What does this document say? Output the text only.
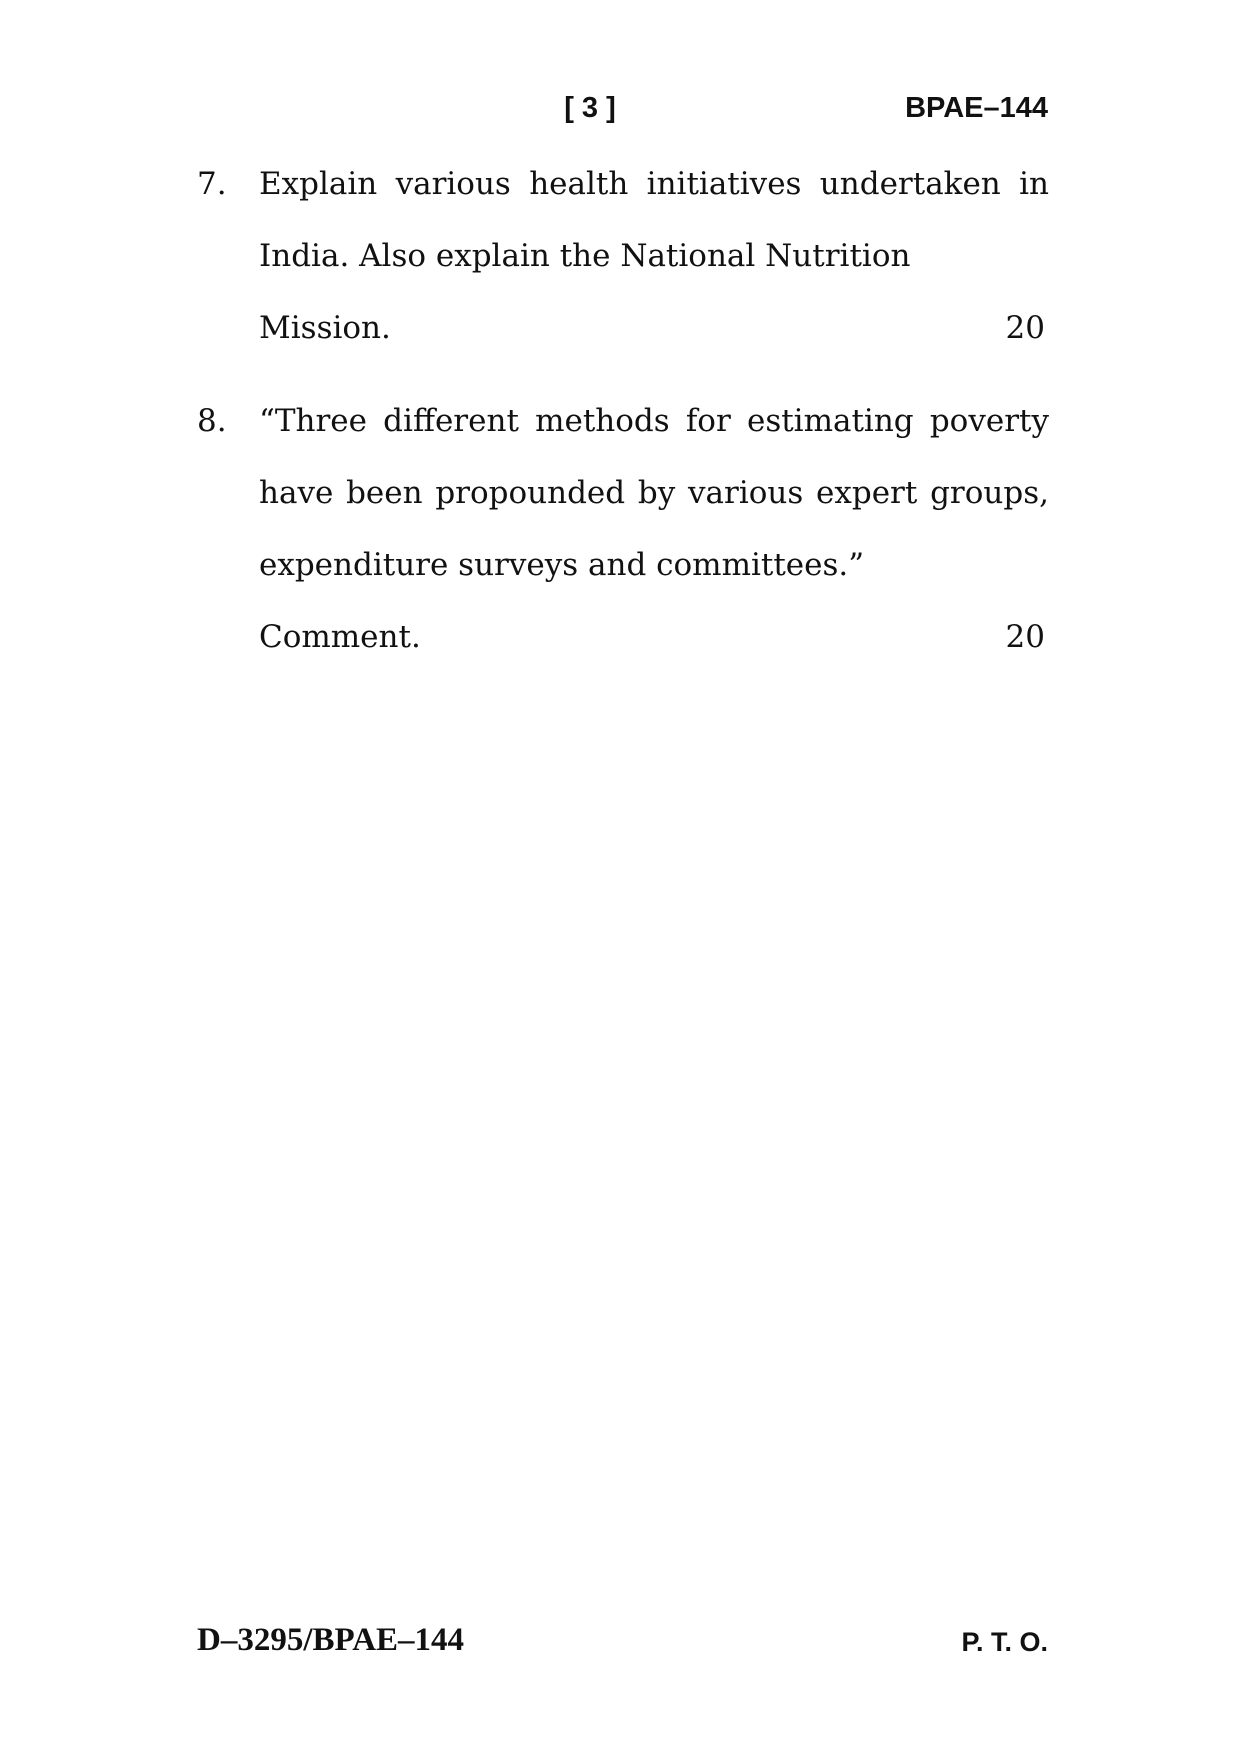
[ 3 ]	BPAE–144
7.	Explain various health initiatives undertaken in India. Also explain the National Nutrition
Mission.	20
8.	“Three different methods for estimating poverty have been propounded by various expert groups, expenditure surveys and committees.”
Comment.	20
D–3295/BPAE–144	P. T. O.
